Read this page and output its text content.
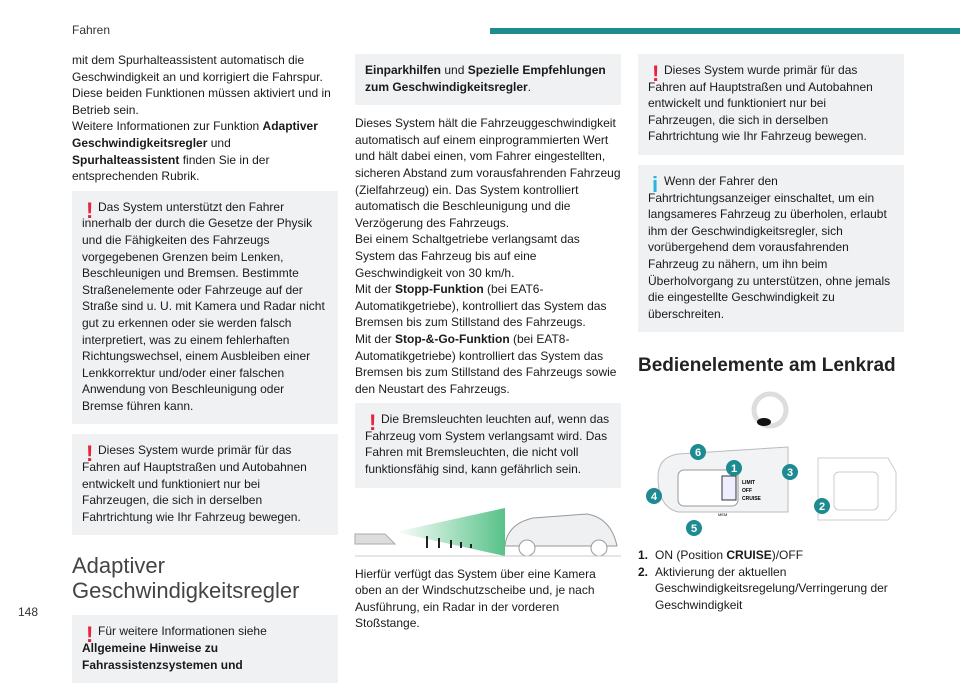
Fahren
148

mit dem Spurhalteassistent automatisch die Geschwindigkeit an und korrigiert die Fahrspur. Diese beiden Funktionen müssen aktiviert und in Betrieb sein.

Weitere Informationen zur Funktion Adaptiver Geschwindigkeitsregler und Spurhalteassistent finden Sie in der entsprechenden Rubrik.

! Das System unterstützt den Fahrer innerhalb der durch die Gesetze der Physik und die Fähigkeiten des Fahrzeugs vorgegebenen Grenzen beim Lenken, Beschleunigen und Bremsen. Bestimmte Straßenelemente oder Fahrzeuge auf der Straße sind u. U. mit Kamera und Radar nicht gut zu erkennen oder sie werden falsch interpretiert, was zu einem fehlerhaften Richtungswechsel, einem Ausbleiben einer Lenkkorrektur und/oder einer falschen Anwendung von Beschleunigung oder Bremse führen kann.

! Dieses System wurde primär für das Fahren auf Hauptstraßen und Autobahnen entwickelt und funktioniert nur bei Fahrzeugen, die sich in derselben Fahrtrichtung wie Ihr Fahrzeug bewegen.

Adaptiver Geschwindigkeitsregler
! Für weitere Informationen siehe Allgemeine Hinweise zu Fahrassistenzsystemen und

Einparkhilfen und Spezielle Empfehlungen zum Geschwindigkeitsregler.

Dieses System hält die Fahrzeuggeschwindigkeit automatisch auf einem einprogrammierten Wert und hält dabei einen, vom Fahrer eingestellten, sicheren Abstand zum vorausfahrenden Fahrzeug (Zielfahrzeug) ein. Das System kontrolliert automatisch die Beschleunigung und die Verzögerung des Fahrzeugs.

Bei einem Schaltgetriebe verlangsamt das System das Fahrzeug bis auf eine Geschwindigkeit von 30 km/h.

Mit der Stopp-Funktion (bei EAT6-Automatikgetriebe), kontrolliert das System das Bremsen bis zum Stillstand des Fahrzeugs.

Mit der Stop-&-Go-Funktion (bei EAT8-Automatikgetriebe) kontrolliert das System das Bremsen bis zum Stillstand des Fahrzeugs sowie den Neustart des Fahrzeugs.

! Die Bremsleuchten leuchten auf, wenn das Fahrzeug vom System verlangsamt wird. Das Fahren mit Bremsleuchten, die nicht voll funktionsfähig sind, kann gefährlich sein.

Hierfür verfügt das System über eine Kamera oben an der Windschutzscheibe und, je nach Ausführung, ein Radar in der vorderen Stoßstange.

! Dieses System wurde primär für das Fahren auf Hauptstraßen und Autobahnen entwickelt und funktioniert nur bei Fahrzeugen, die sich in derselben Fahrtrichtung wie Ihr Fahrzeug bewegen.

i Wenn der Fahrer den Fahrtrichtungsanzeiger einschaltet, um ein langsameres Fahrzeug zu überholen, erlaubt ihm der Geschwindigkeitsregler, sich vorübergehend dem vorausfahrenden Fahrzeug zu nähern, um ihn beim Überholvorgang zu unterstützen, ohne jemals die eingestellte Geschwindigkeit zu überschreiten.

Bedienelemente am Lenkrad
LIMIT
OFF
CRUISE
MEM
1
2
3
4
5
6
1. ON (Position CRUISE)/OFF
2. Aktivierung der aktuellen Geschwindigkeitsregelung/Verringerung der Geschwindigkeit
